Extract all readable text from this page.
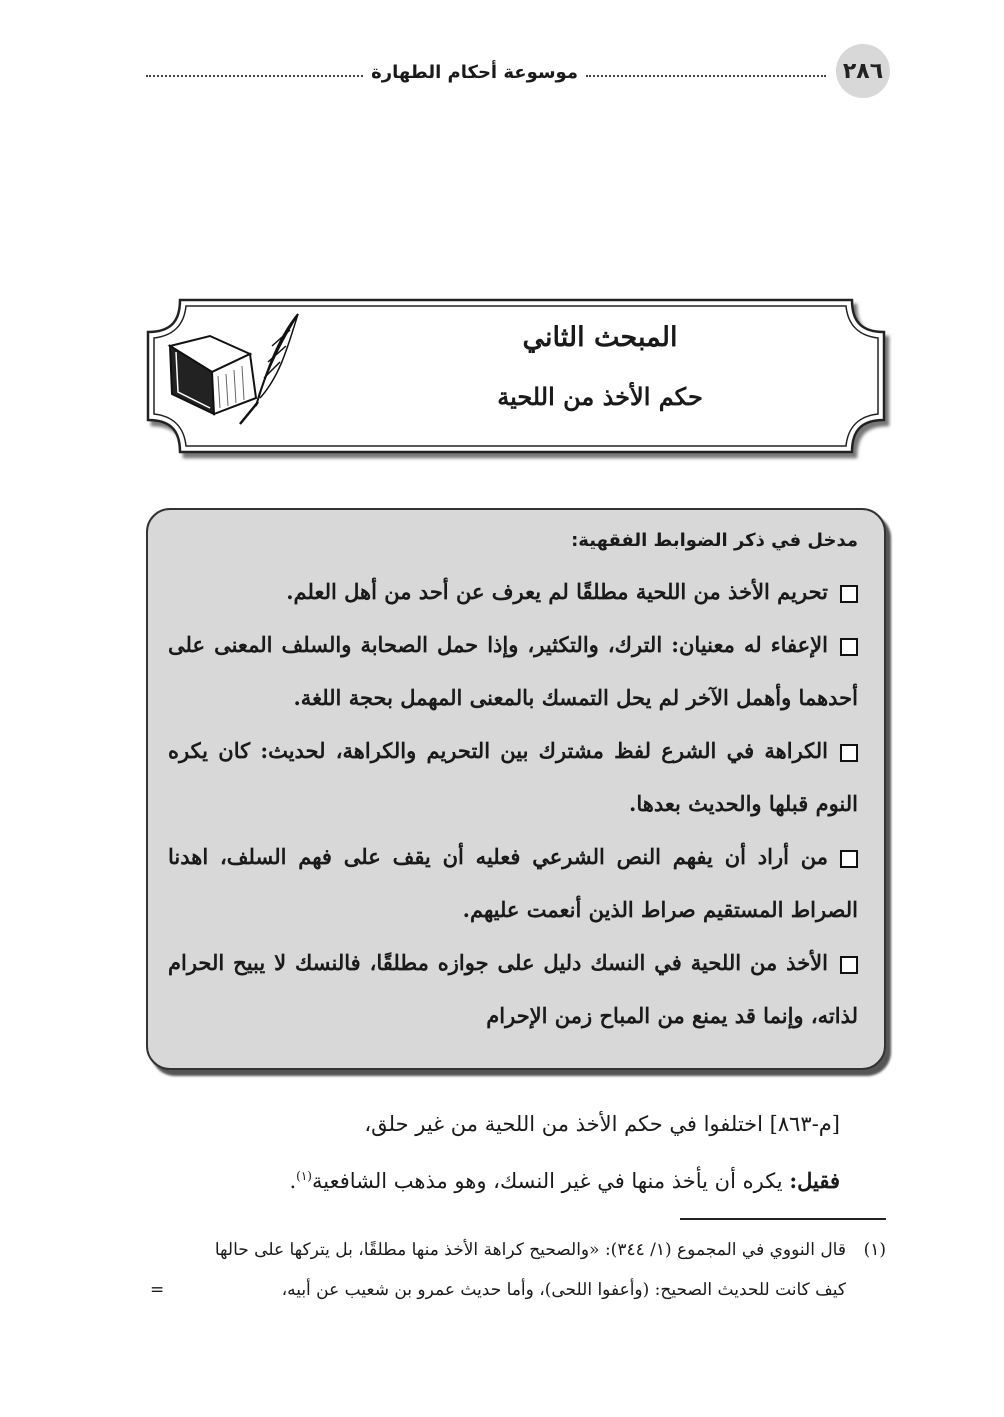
٢٨٦
موسوعة أحكام الطهارة
المبحث الثاني
حكم الأخذ من اللحية
مدخل في ذكر الضوابط الفقهية:

تحريم الأخذ من اللحية مطلقًا لم يعرف عن أحد من أهل العلم.

الإعفاء له معنيان: الترك، والتكثير، وإذا حمل الصحابة والسلف المعنى على أحدهما وأهمل الآخر لم يحل التمسك بالمعنى المهمل بحجة اللغة.

الكراهة في الشرع لفظ مشترك بين التحريم والكراهة، لحديث: كان يكره النوم قبلها والحديث بعدها.

من أراد أن يفهم النص الشرعي فعليه أن يقف على فهم السلف، اهدنا الصراط المستقيم صراط الذين أنعمت عليهم.

الأخذ من اللحية في النسك دليل على جوازه مطلقًا، فالنسك لا يبيح الحرام لذاته، وإنما قد يمنع من المباح زمن الإحرام

[م-٨٦٣] اختلفوا في حكم الأخذ من اللحية من غير حلق،
فقيل: يكره أن يأخذ منها في غير النسك، وهو مذهب الشافعية$^{(١)}$.
(١)قال النووي في المجموع (١/ ٣٤٤): «والصحيح كراهة الأخذ منها مطلقًا، بل يتركها على حالها
كيف كانت للحديث الصحيح: (وأعفوا اللحى)، وأما حديث عمرو بن شعيب عن أبيه،
=
